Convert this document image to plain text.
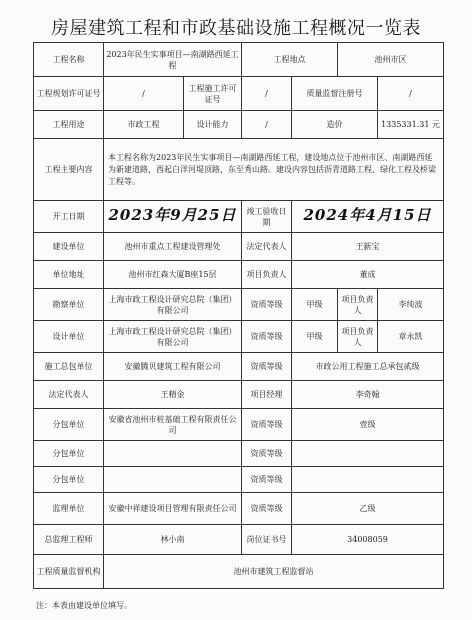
房屋建筑工程和市政基础设施工程概况一览表
工程名称	2023年民生实事项目—南湖路西延工程		工程地点		池州市区	
工程规划许可证号	/	工程施工许可证号	/	质量监督注册号		/
工程用途	市政工程	设计能力	/	造价		1335331.31 元
工程主要内容	本工程名称为2023年民生实事项目—南湖路西延工程，建设地点位于池州市区、南湖路西延为新建道路，西起白洋河堤顶路，东至秀山路。建设内容包括沥青道路工程、绿化工程及桥梁工程等。					
开工日期	2023年9月25日		竣工验收日期	2024年4月15日		
建设单位	池州市重点工程建设管理处		法定代表人	王新宝		
单位地址	池州市红森大厦B座15层		项目负责人	董成		
勘察单位	上海市政工程设计研究总院（集团）有限公司		资质等级	甲级	项目负责人	李纯波
设计单位	上海市政工程设计研究总院（集团）有限公司		资质等级	甲级	项目负责人	章永凯
施工总包单位	安徽腾贝建筑工程有限公司		资质等级	市政公用工程施工总承包贰级		
法定代表人	王精金		项目经理	李奇翰		
分包单位	安徽省池州市桩基础工程有限责任公司		资质等级	壹级		
分包单位			资质等级			
分包单位			资质等级			
监理单位	安徽中祥建设项目管理有限责任公司		资质等级	乙级		
总监理工程师	林小南		岗位证书号	34008059		
工程质量监督机构	池州市建筑工程监督站					
注：本表由建设单位填写。
